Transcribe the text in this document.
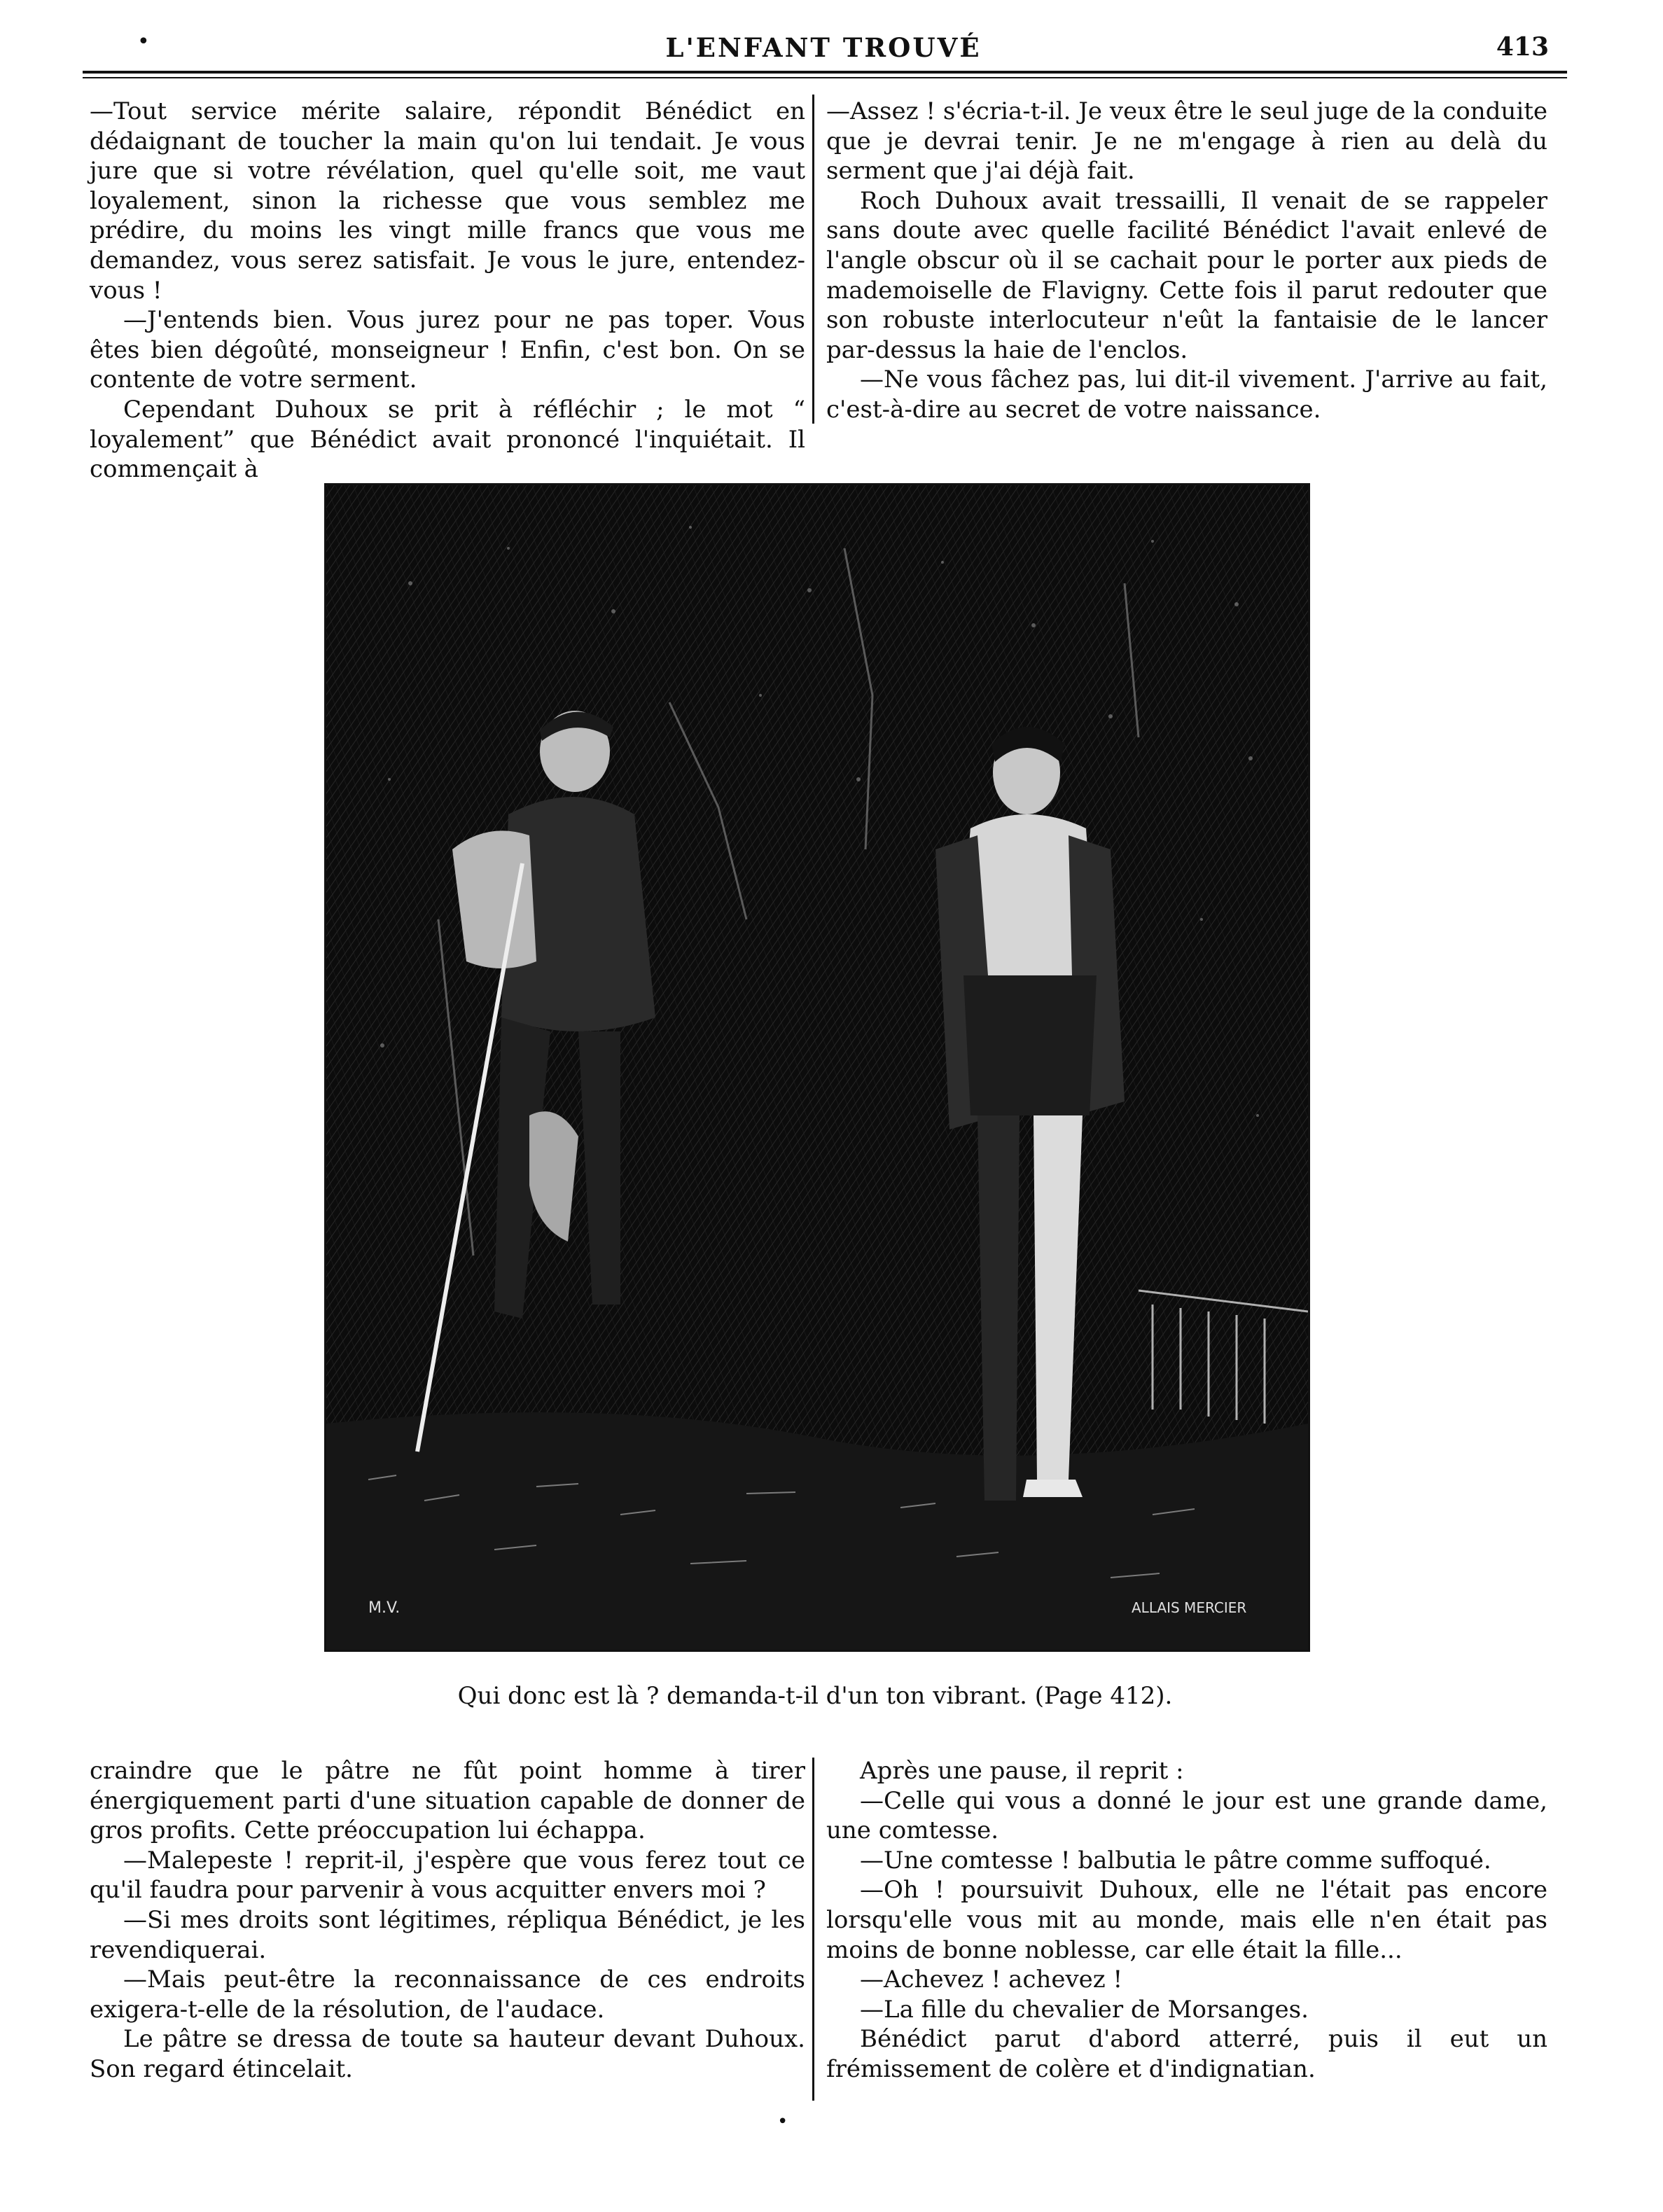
•	L'ENFANT TROUVÉ	413

—Tout service mérite salaire, répondit Bénédict en dédaignant de toucher la main qu'on lui tendait. Je vous jure que si votre révélation, quel qu'elle soit, me vaut loyalement, sinon la richesse que vous semblez me prédire, du moins les vingt mille francs que vous me demandez, vous serez satisfait. Je vous le jure, entendez-vous !

—J'entends bien. Vous jurez pour ne pas toper. Vous êtes bien dégoûté, monseigneur ! Enfin, c'est bon. On se contente de votre serment.

Cependant Duhoux se prit à réfléchir ; le mot “ loyalement” que Bénédict avait prononcé l'inquiétait. Il commençait à

—Assez ! s'écria-t-il. Je veux être le seul juge de la conduite que je devrai tenir. Je ne m'engage à rien au delà du serment que j'ai déjà fait.

Roch Duhoux avait tressailli, Il venait de se rappeler sans doute avec quelle facilité Bénédict l'avait enlevé de l'angle obscur où il se cachait pour le porter aux pieds de mademoiselle de Flavigny. Cette fois il parut redouter que son robuste interlocuteur n'eût la fantaisie de le lancer par-dessus la haie de l'enclos.

—Ne vous fâchez pas, lui dit-il vivement. J'arrive au fait, c'est-à-dire au secret de votre naissance.

M.V.	ALLAIS MERCIER
Qui donc est là ? demanda-t-il d'un ton vibrant. (Page 412).

craindre que le pâtre ne fût point homme à tirer énergiquement parti d'une situation capable de donner de gros profits. Cette préoccupation lui échappa.

—Malepeste ! reprit-il, j'espère que vous ferez tout ce qu'il faudra pour parvenir à vous acquitter envers moi ?

—Si mes droits sont légitimes, répliqua Bénédict, je les revendiquerai.

—Mais peut-être la reconnaissance de ces endroits exigera-t-elle de la résolution, de l'audace.

Le pâtre se dressa de toute sa hauteur devant Duhoux. Son regard étincelait.

Après une pause, il reprit :

—Celle qui vous a donné le jour est une grande dame, une comtesse.

—Une comtesse ! balbutia le pâtre comme suffoqué.

—Oh ! poursuivit Duhoux, elle ne l'était pas encore lorsqu'elle vous mit au monde, mais elle n'en était pas moins de bonne noblesse, car elle était la fille...

—Achevez ! achevez !

—La fille du chevalier de Morsanges.

Bénédict parut d'abord atterré, puis il eut un frémissement de colère et d'indignatian.

•
